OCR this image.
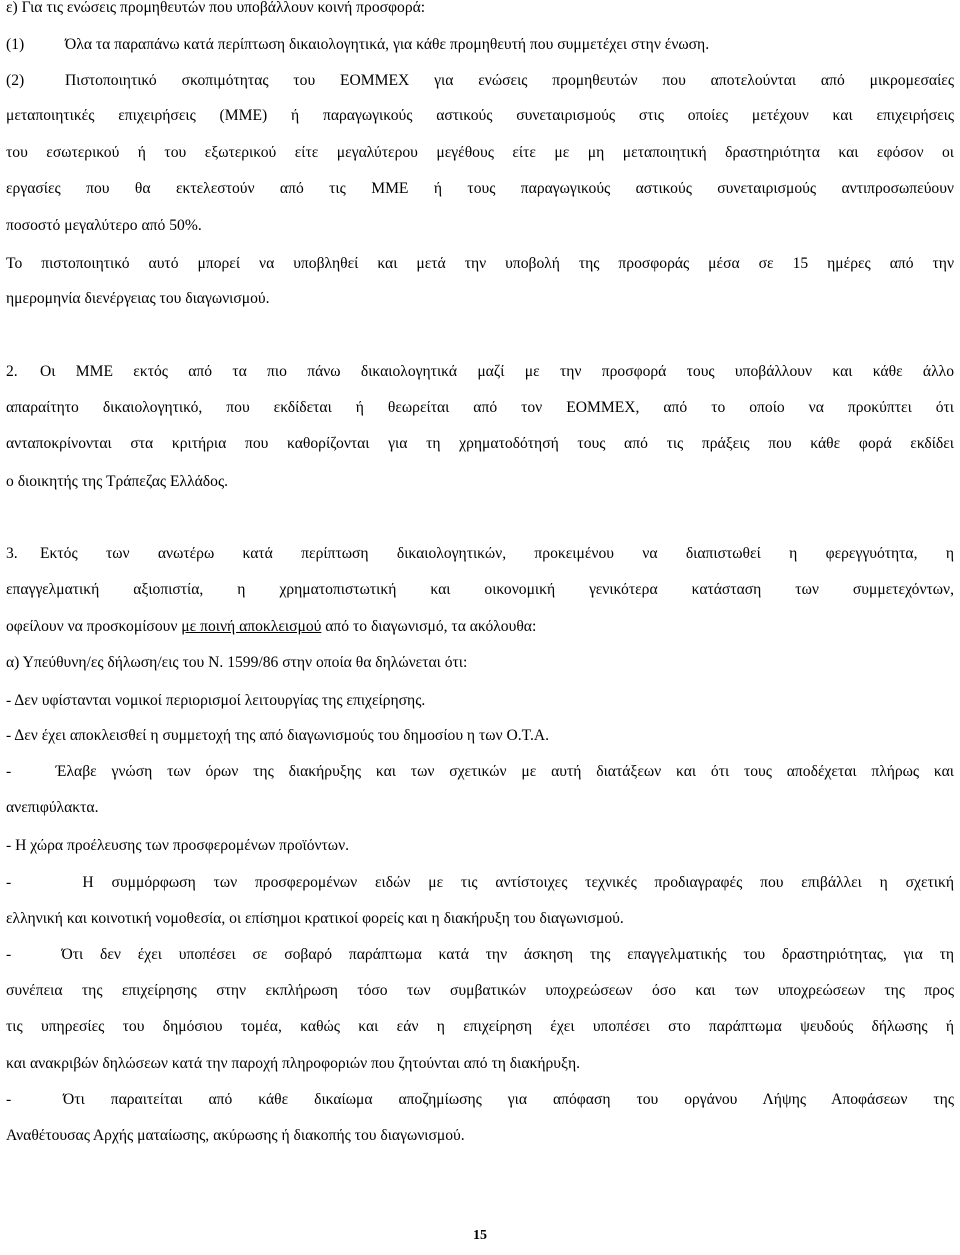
ε) Για τις ενώσεις προμηθευτών που υποβάλλουν κοινή προσφορά:
(1)	Όλα τα παραπάνω κατά περίπτωση δικαιολογητικά, για κάθε προμηθευτή που συμμετέχει στην ένωση.
(2)	Πιστοποιητικό σκοπιμότητας του ΕΟΜΜΕΧ για ενώσεις προμηθευτών που αποτελούνται από μικρομεσαίες
μεταποιητικές επιχειρήσεις (ΜΜΕ) ή παραγωγικούς αστικούς συνεταιρισμούς στις οποίες μετέχουν και επιχειρήσεις
του εσωτερικού ή του εξωτερικού είτε μεγαλύτερου μεγέθους είτε με μη μεταποιητική δραστηριότητα και εφόσον οι
εργασίες που θα εκτελεστούν από τις ΜΜΕ ή τους παραγωγικούς αστικούς συνεταιρισμούς αντιπροσωπεύουν
ποσοστό μεγαλύτερο από 50%.
Το πιστοποιητικό αυτό μπορεί να υποβληθεί και μετά την υποβολή της προσφοράς μέσα σε 15 ημέρες από την
ημερομηνία διενέργειας του διαγωνισμού.
2. Οι ΜΜΕ εκτός από τα πιο πάνω δικαιολογητικά μαζί με την προσφορά τους υποβάλλουν και κάθε άλλο
απαραίτητο δικαιολογητικό, που εκδίδεται ή θεωρείται από τον ΕΟΜΜΕΧ, από το οποίο να προκύπτει ότι
ανταποκρίνονται στα κριτήρια που καθορίζονται για τη χρηματοδότησή τους από τις πράξεις που κάθε φορά εκδίδει
ο διοικητής της Τράπεζας Ελλάδος.
3. Εκτός των ανωτέρω κατά περίπτωση δικαιολογητικών, προκειμένου να διαπιστωθεί η φερεγγυότητα, η
επαγγελματική αξιοπιστία, η χρηματοπιστωτική και οικονομική γενικότερα κατάσταση των συμμετεχόντων,
οφείλουν να προσκομίσουν με ποινή αποκλεισμού από το διαγωνισμό, τα ακόλουθα:
α) Υπεύθυνη/ες δήλωση/εις του Ν. 1599/86 στην οποία θα δηλώνεται ότι:
- Δεν υφίστανται νομικοί περιορισμοί λειτουργίας της επιχείρησης.
- Δεν έχει αποκλεισθεί η συμμετοχή της από διαγωνισμούς του δημοσίου η των Ο.Τ.Α.
-   Έλαβε γνώση των όρων της διακήρυξης και των σχετικών με αυτή διατάξεων και ότι τους αποδέχεται πλήρως και
ανεπιφύλακτα.
- Η χώρα προέλευσης των προσφερομένων προϊόντων.
-    Η συμμόρφωση των προσφερομένων ειδών με τις αντίστοιχες τεχνικές προδιαγραφές που επιβάλλει η σχετική
ελληνική και κοινοτική νομοθεσία, οι επίσημοι κρατικοί φορείς και η διακήρυξη του διαγωνισμού.
-   Ότι δεν έχει υποπέσει σε σοβαρό παράπτωμα κατά την άσκηση της επαγγελματικής του δραστηριότητας, για τη
συνέπεια της επιχείρησης στην εκπλήρωση τόσο των συμβατικών υποχρεώσεων όσο και των υποχρεώσεων της προς
τις υπηρεσίες του δημόσιου τομέα, καθώς και εάν η επιχείρηση έχει υποπέσει στο παράπτωμα ψευδούς δήλωσης ή
και ανακριβών δηλώσεων κατά την παροχή πληροφοριών που ζητούνται από τη διακήρυξη.
-  Ότι παραιτείται από κάθε δικαίωμα αποζημίωσης για απόφαση του οργάνου Λήψης Αποφάσεων της
Αναθέτουσας Αρχής ματαίωσης, ακύρωσης ή διακοπής του διαγωνισμού.
15
